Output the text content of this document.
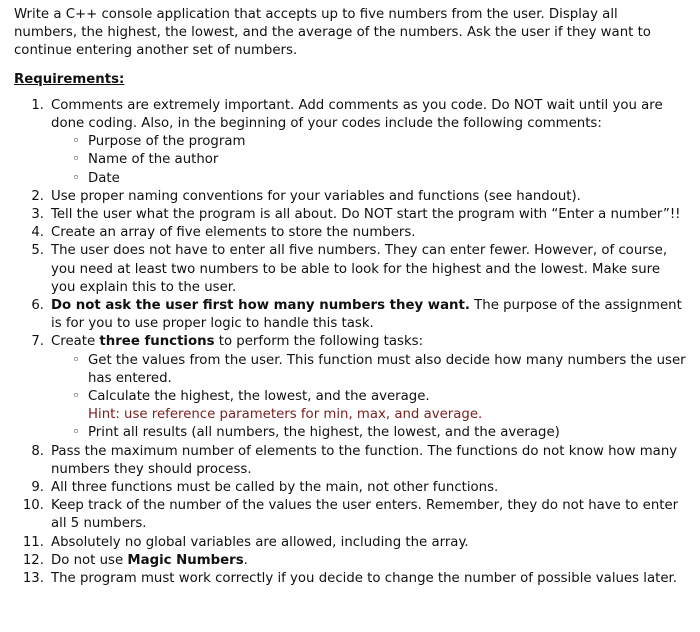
Write a C++ console application that accepts up to five numbers from the user. Display all numbers, the highest, the lowest, and the average of the numbers. Ask the user if they want to continue entering another set of numbers.

Requirements:
1. Comments are extremely important. Add comments as you code. Do NOT wait until you are done coding. Also, in the beginning of your codes include the following comments:
◦ Purpose of the program
◦ Name of the author
◦ Date
2. Use proper naming conventions for your variables and functions (see handout).
3. Tell the user what the program is all about. Do NOT start the program with “Enter a number”!!
4. Create an array of five elements to store the numbers.
5. The user does not have to enter all five numbers. They can enter fewer. However, of course, you need at least two numbers to be able to look for the highest and the lowest. Make sure you explain this to the user.
6. Do not ask the user first how many numbers they want. The purpose of the assignment is for you to use proper logic to handle this task.
7. Create three functions to perform the following tasks:
◦ Get the values from the user. This function must also decide how many numbers the user has entered.
◦ Calculate the highest, the lowest, and the average.
Hint: use reference parameters for min, max, and average.
◦ Print all results (all numbers, the highest, the lowest, and the average)
8. Pass the maximum number of elements to the function. The functions do not know how many numbers they should process.
9. All three functions must be called by the main, not other functions.
10. Keep track of the number of the values the user enters. Remember, they do not have to enter all 5 numbers.
11. Absolutely no global variables are allowed, including the array.
12. Do not use Magic Numbers.
13. The program must work correctly if you decide to change the number of possible values later.
